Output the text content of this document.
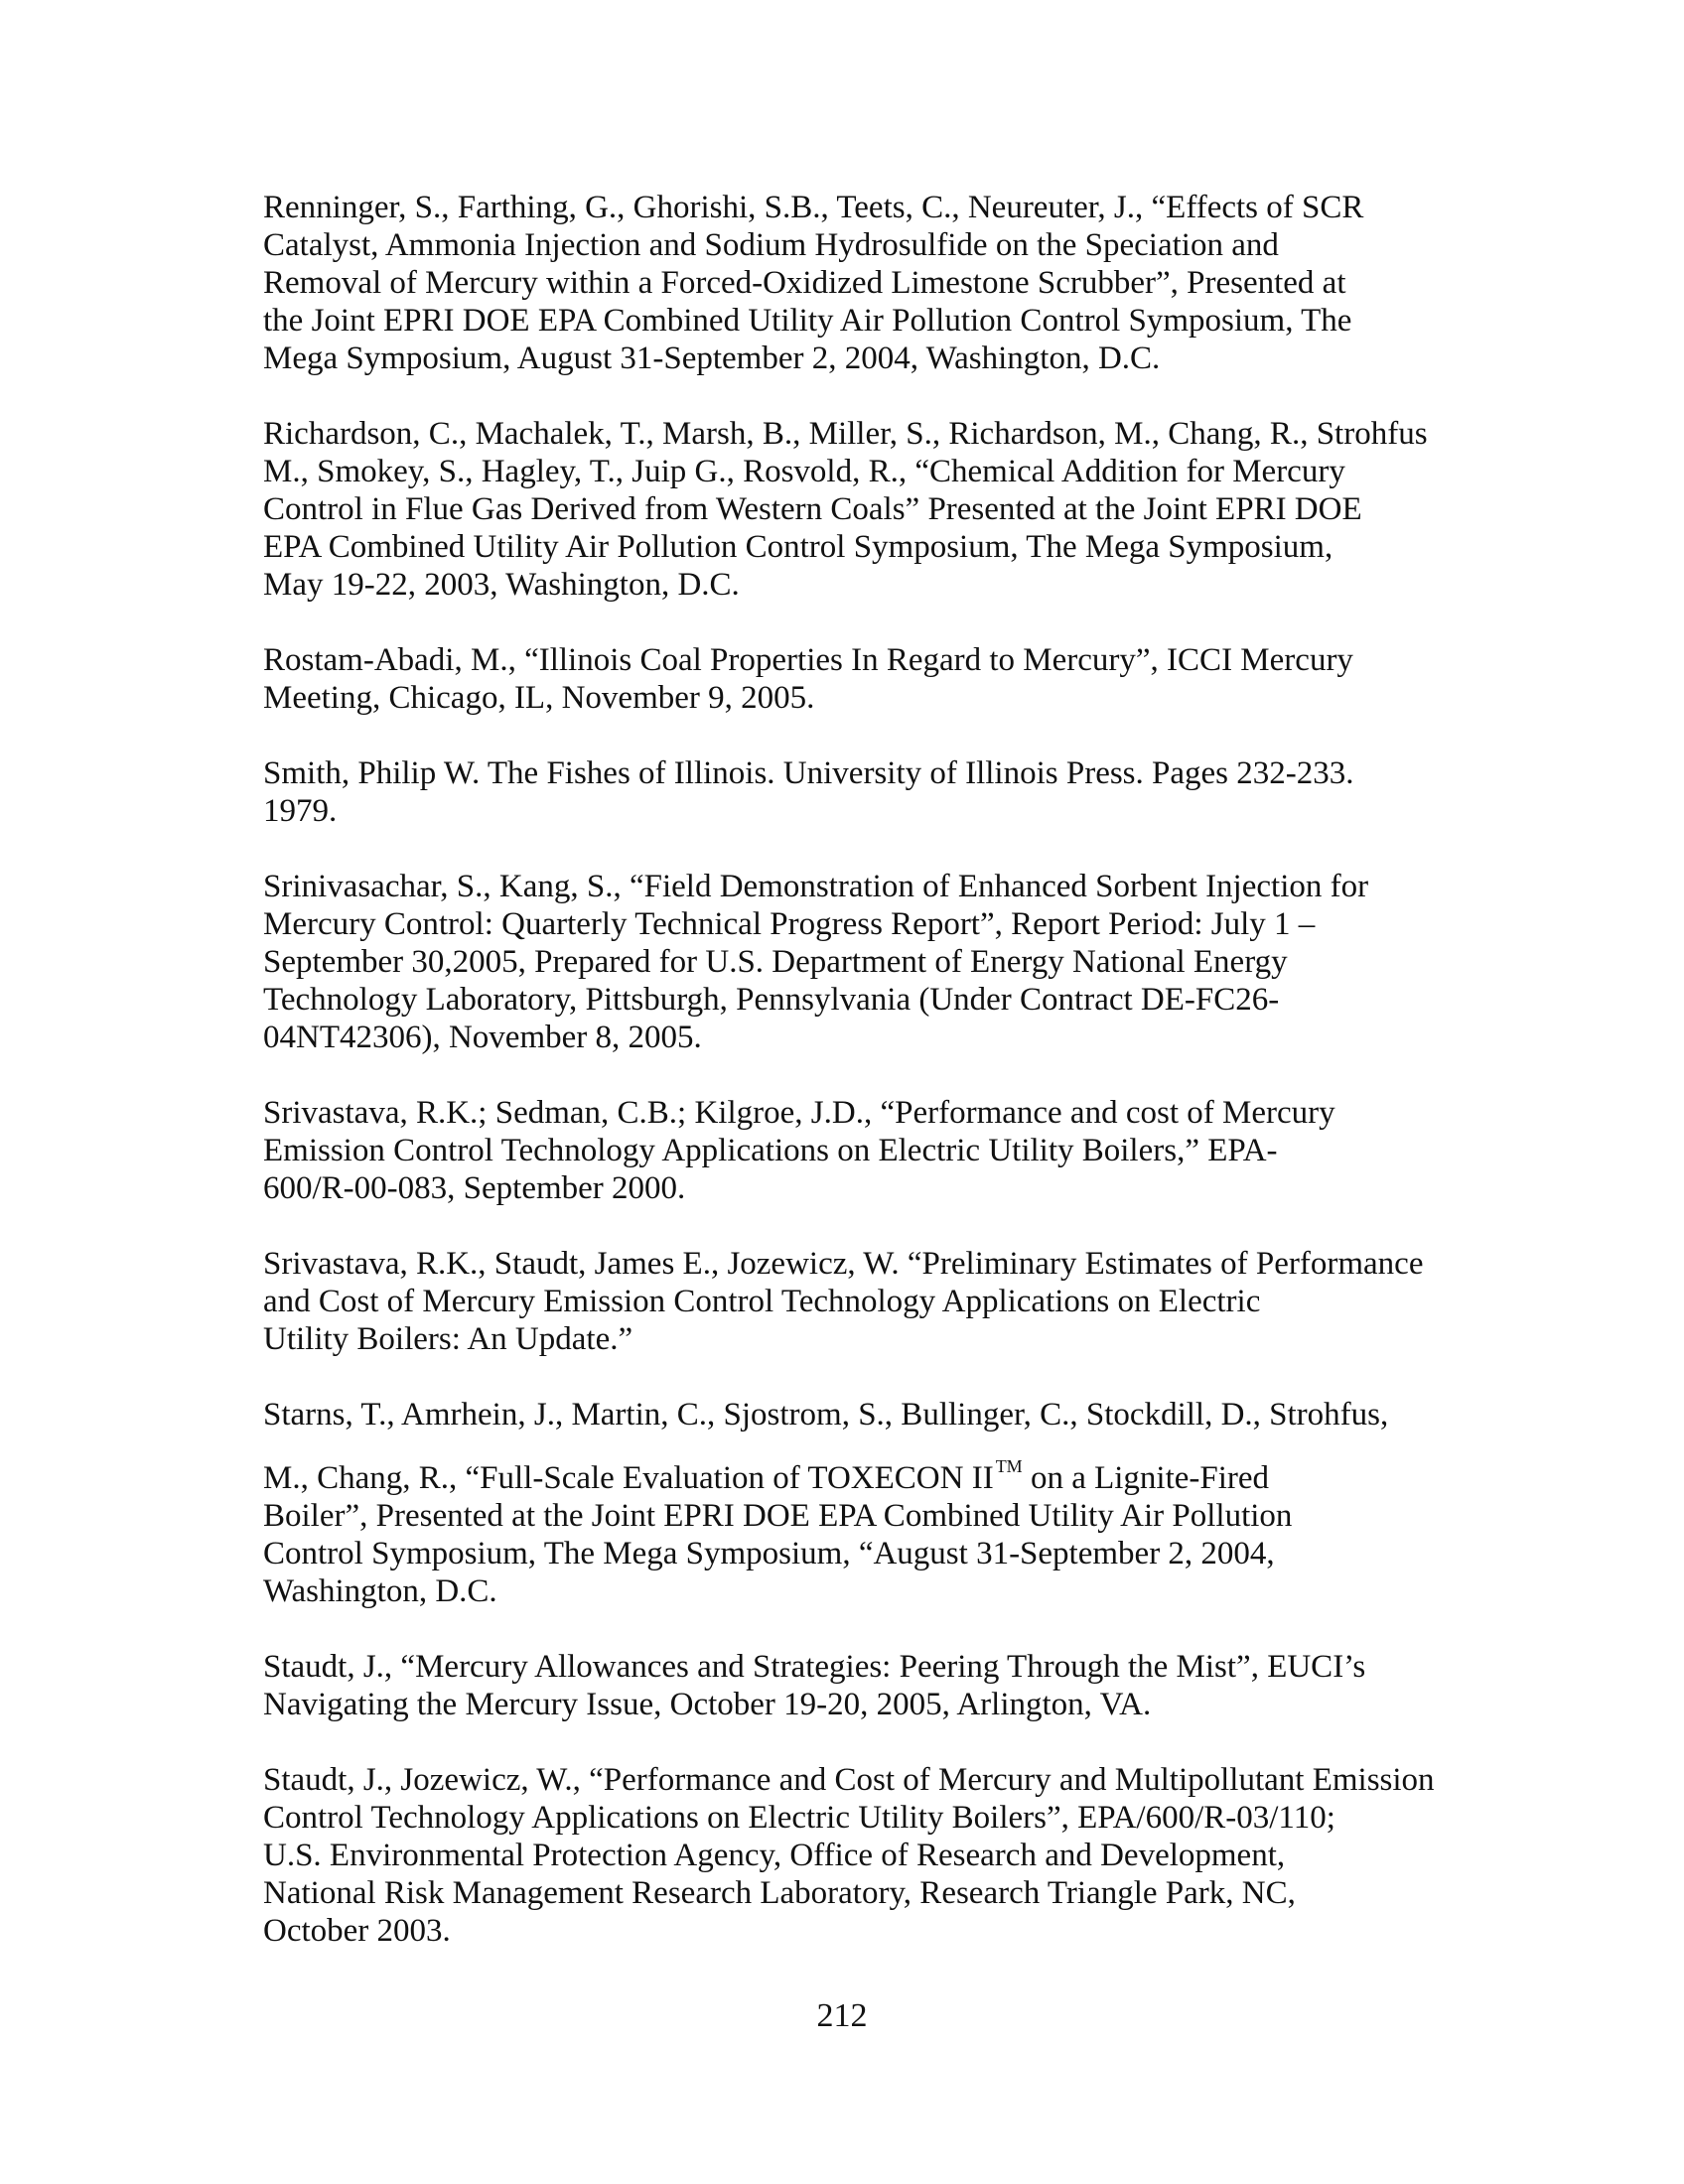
Renninger, S., Farthing, G., Ghorishi, S.B., Teets, C., Neureuter, J., “Effects of SCR
Catalyst, Ammonia Injection and Sodium Hydrosulfide on the Speciation and
Removal of Mercury within a Forced-Oxidized Limestone Scrubber”, Presented at
the Joint EPRI DOE EPA Combined Utility Air Pollution Control Symposium, The
Mega Symposium, August 31-September 2, 2004, Washington, D.C.
Richardson, C., Machalek, T., Marsh, B., Miller, S., Richardson, M., Chang, R., Strohfus
M., Smokey, S., Hagley, T., Juip G., Rosvold, R., “Chemical Addition for Mercury
Control in Flue Gas Derived from Western Coals” Presented at the Joint EPRI DOE
EPA Combined Utility Air Pollution Control Symposium, The Mega Symposium,
May 19-22, 2003, Washington, D.C.
Rostam-Abadi, M., “Illinois Coal Properties In Regard to Mercury”, ICCI Mercury
Meeting, Chicago, IL, November 9, 2005.
Smith, Philip W. The Fishes of Illinois. University of Illinois Press. Pages 232-233.
1979.
Srinivasachar, S., Kang, S., “Field Demonstration of Enhanced Sorbent Injection for
Mercury Control: Quarterly Technical Progress Report”, Report Period: July 1 –
September 30,2005, Prepared for U.S. Department of Energy National Energy
Technology Laboratory, Pittsburgh, Pennsylvania (Under Contract DE-FC26-
04NT42306), November 8, 2005.
Srivastava, R.K.; Sedman, C.B.; Kilgroe, J.D., “Performance and cost of Mercury
Emission Control Technology Applications on Electric Utility Boilers,” EPA-
600/R-00-083, September 2000.
Srivastava, R.K., Staudt, James E., Jozewicz, W. “Preliminary Estimates of Performance
and Cost of Mercury Emission Control Technology Applications on Electric
Utility Boilers: An Update.”
Starns, T., Amrhein, J., Martin, C., Sjostrom, S., Bullinger, C., Stockdill, D., Strohfus,
M., Chang, R., “Full-Scale Evaluation of TOXECON II ™ on a Lignite-Fired
Boiler”, Presented at the Joint EPRI DOE EPA Combined Utility Air Pollution
Control Symposium, The Mega Symposium, “August 31-September 2, 2004,
Washington, D.C.
Staudt, J., “Mercury Allowances and Strategies: Peering Through the Mist”, EUCI’s
Navigating the Mercury Issue, October 19-20, 2005, Arlington, VA.
Staudt, J., Jozewicz, W., “Performance and Cost of Mercury and Multipollutant Emission
Control Technology Applications on Electric Utility Boilers”, EPA/600/R-03/110;
U.S. Environmental Protection Agency, Office of Research and Development,
National Risk Management Research Laboratory, Research Triangle Park, NC,
October 2003.
212
